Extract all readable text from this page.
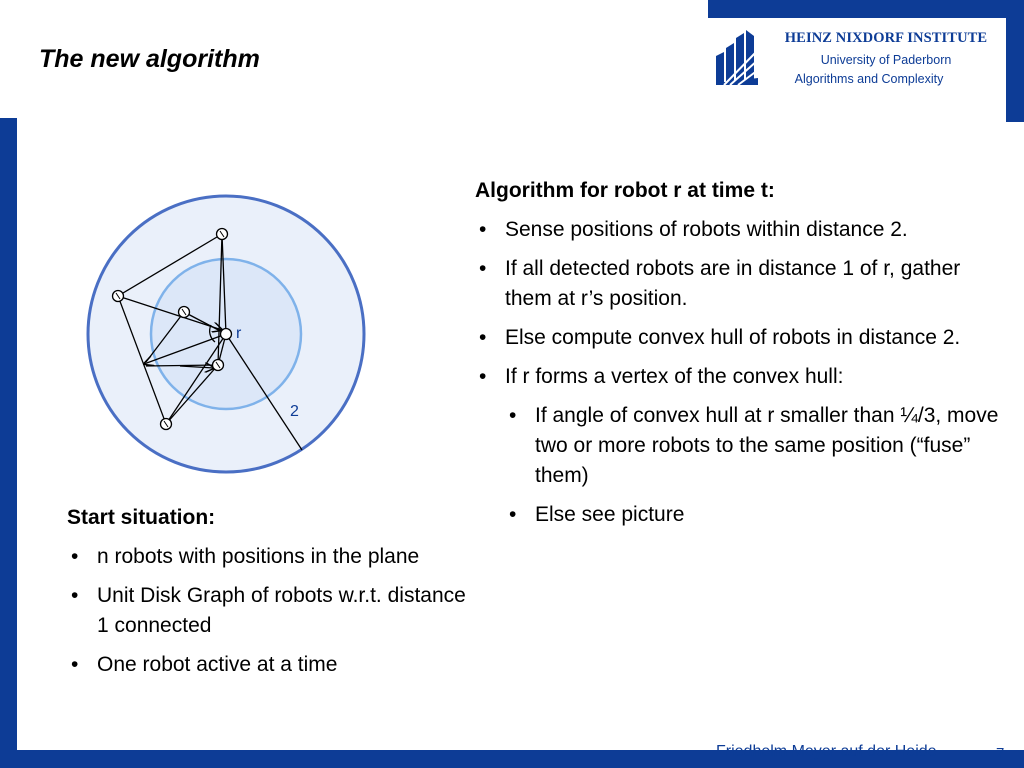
HEINZ NIXDORF INSTITUTE
University of Paderborn
Algorithms and Complexity
The new algorithm
r
2
Algorithm for robot r at time t:
• Sense positions of robots within distance 2.
• If all detected robots are in distance 1 of r, gather them at r’s position.
• Else compute convex hull of robots in distance 2.
• If r forms a vertex of the convex hull:
• If angle of convex hull at r smaller than ¼/3, move two or more robots to the same position (“fuse” them)
• Else see picture
Start situation:
• n robots with positions in the plane
• Unit Disk Graph of robots w.r.t. distance 1 connected
• One robot active at a time
Friedhelm Meyer auf der Heide	7
